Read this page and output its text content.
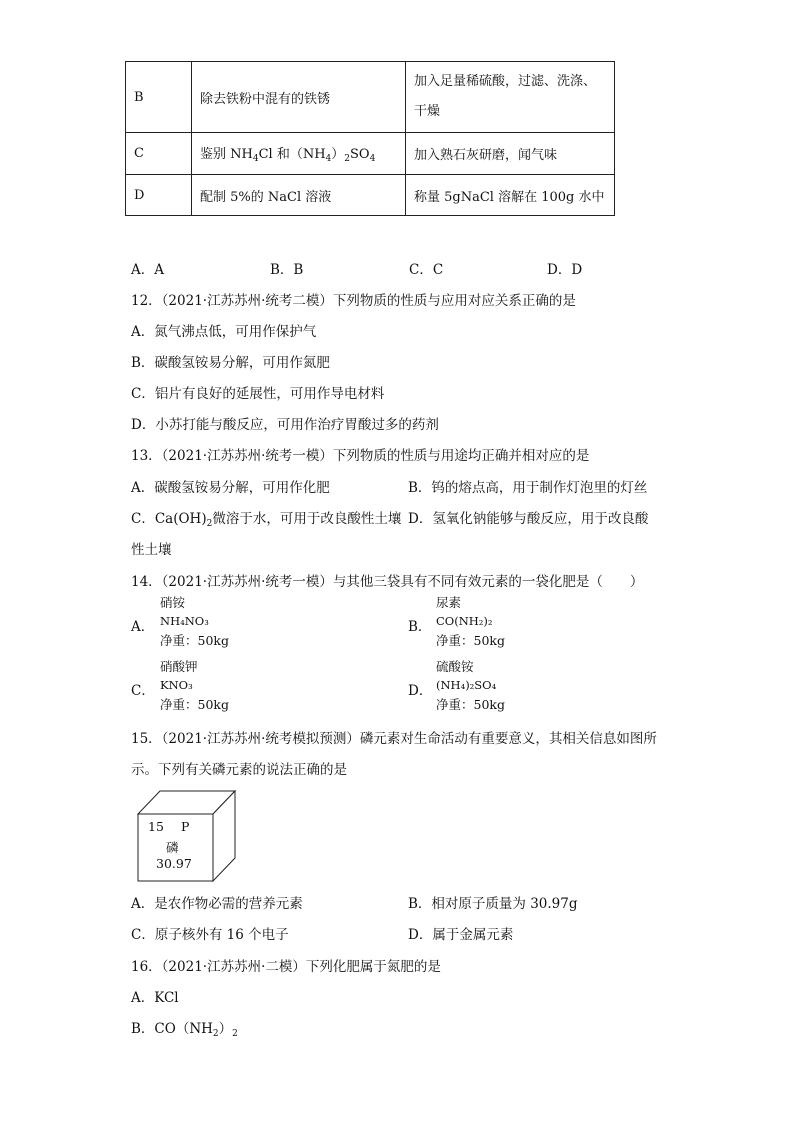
B	除去铁粉中混有的铁锈	加入足量稀硫酸，过滤、洗涤、
干燥
C	鉴别 $NH_4Cl$ 和$(NH_4)_2SO_4$	加入熟石灰研磨，闻气味
D	配制 5%的 NaCl 溶液	称量 5gNaCl 溶解在 100g 水中
A．A	B．B	C．C	D．D
12．（2021·江苏苏州·统考二模）下列物质的性质与应用对应关系正确的是
A．氮气沸点低，可用作保护气
B．碳酸氢铵易分解，可用作氮肥
C．铝片有良好的延展性，可用作导电材料
D．小苏打能与酸反应，可用作治疗胃酸过多的药剂
13．（2021·江苏苏州·统考一模）下列物质的性质与用途均正确并相对应的是
A．碳酸氢铵易分解，可用作化肥	B．钨的熔点高，用于制作灯泡里的灯丝
C．$Ca(OH)_2$微溶于水，可用于改良酸性土壤 D．氢氧化钠能够与酸反应，用于改良酸
性土壤
14．（2021·江苏苏州·统考一模）与其他三袋具有不同有效元素的一袋化肥是（　　）
A．
硝铵
NH₄NO₃
净重：50kg
B．
尿素
CO(NH₂)₂
净重：50kg
C．
硝酸钾
KNO₃
净重：50kg
D．
硫酸铵
(NH₄)₂SO₄
净重：50kg
15．（2021·江苏苏州·统考模拟预测）磷元素对生命活动有重要意义，其相关信息如图所
示。下列有关磷元素的说法正确的是
15 P
磷
30.97
A．是农作物必需的营养元素	B．相对原子质量为 30.97g
C．原子核外有 16 个电子	D．属于金属元素
16．（2021·江苏苏州·二模）下列化肥属于氮肥的是
A．KCl
B．$CO(NH_2)_2$
